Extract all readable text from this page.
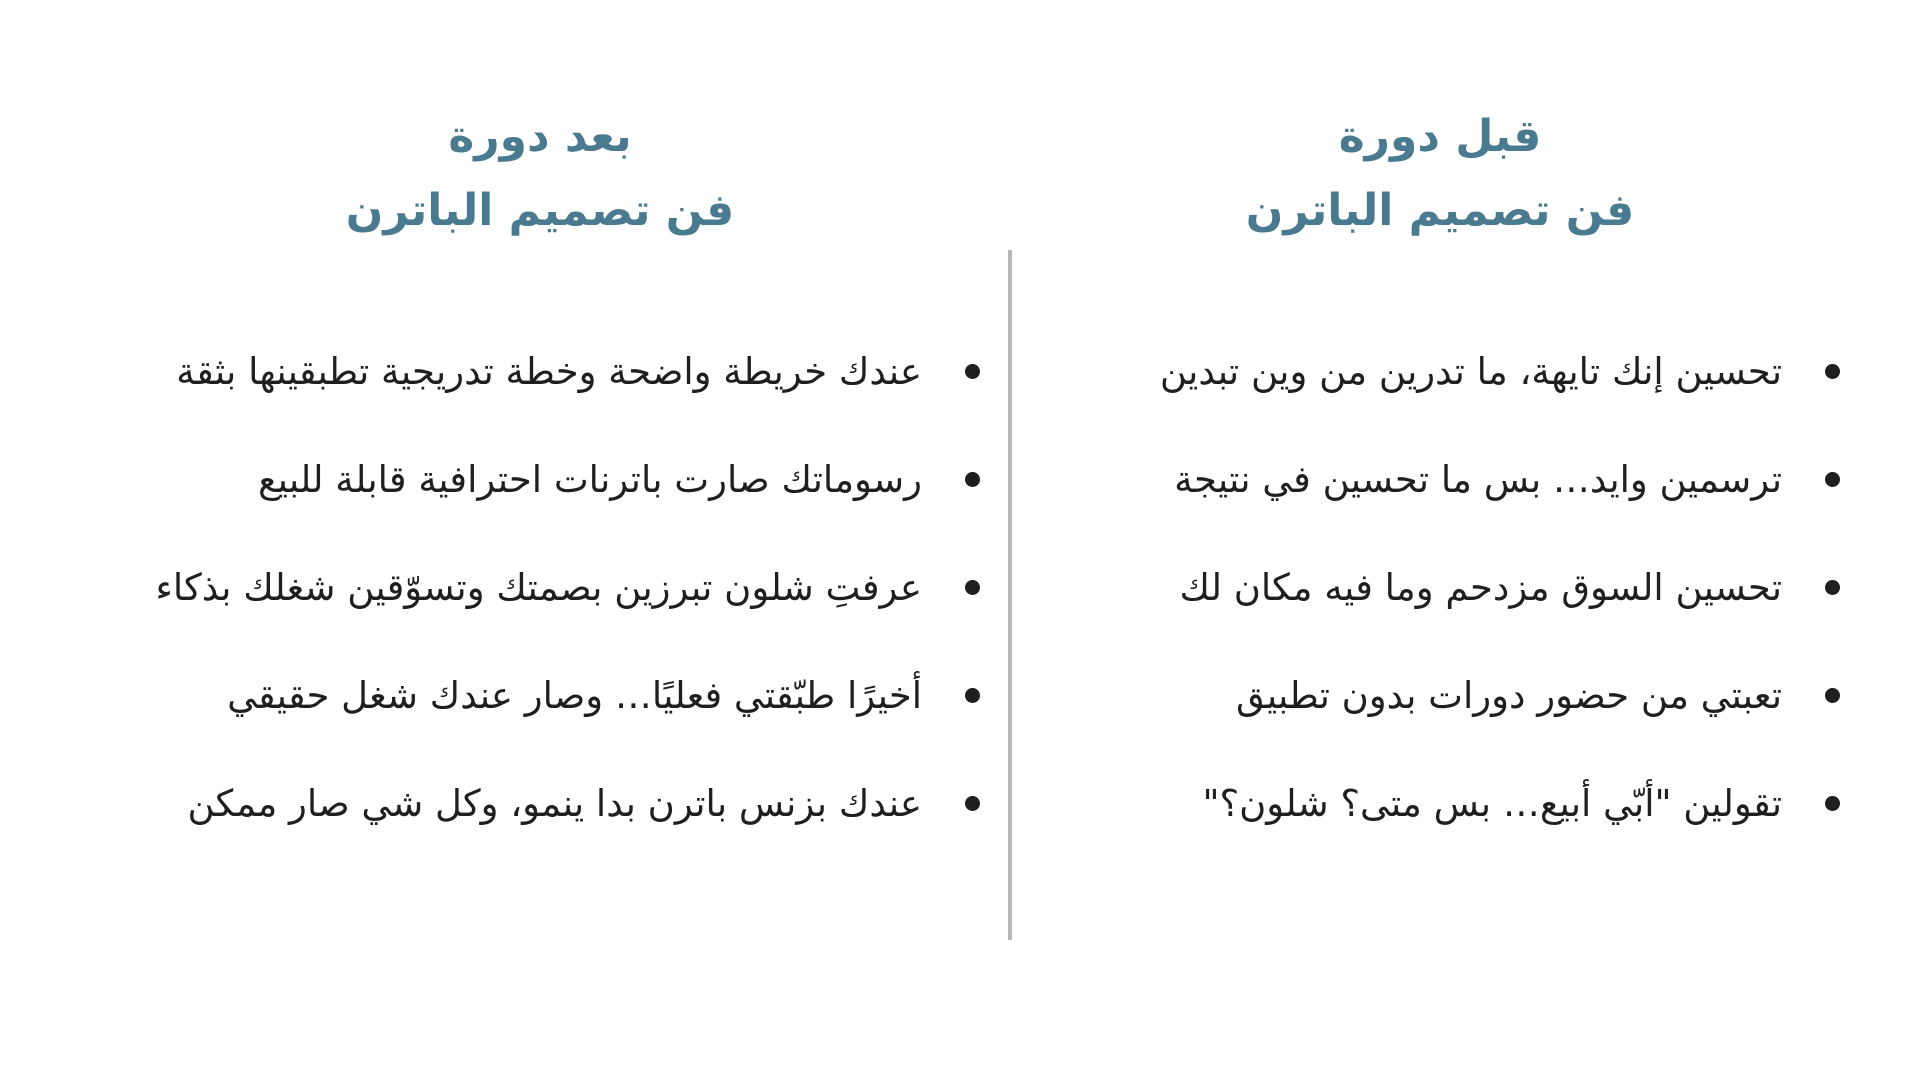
قبل دورة
فن تصميم الباترن
تحسين إنك تايهة، ما تدرين من وين تبدين
ترسمين وايد… بس ما تحسين في نتيجة
تحسين السوق مزدحم وما فيه مكان لك
تعبتي من حضور دورات بدون تطبيق
تقولين "أبّي أبيع… بس متى؟ شلون؟"
بعد دورة
فن تصميم الباترن
عندك خريطة واضحة وخطة تدريجية تطبقينها بثقة
رسوماتك صارت باترنات احترافية قابلة للبيع
عرفتِ شلون تبرزين بصمتك وتسوّقين شغلك بذكاء
أخيرًا طبّقتي فعليًا… وصار عندك شغل حقيقي
عندك بزنس باترن بدا ينمو، وكل شي صار ممكن
